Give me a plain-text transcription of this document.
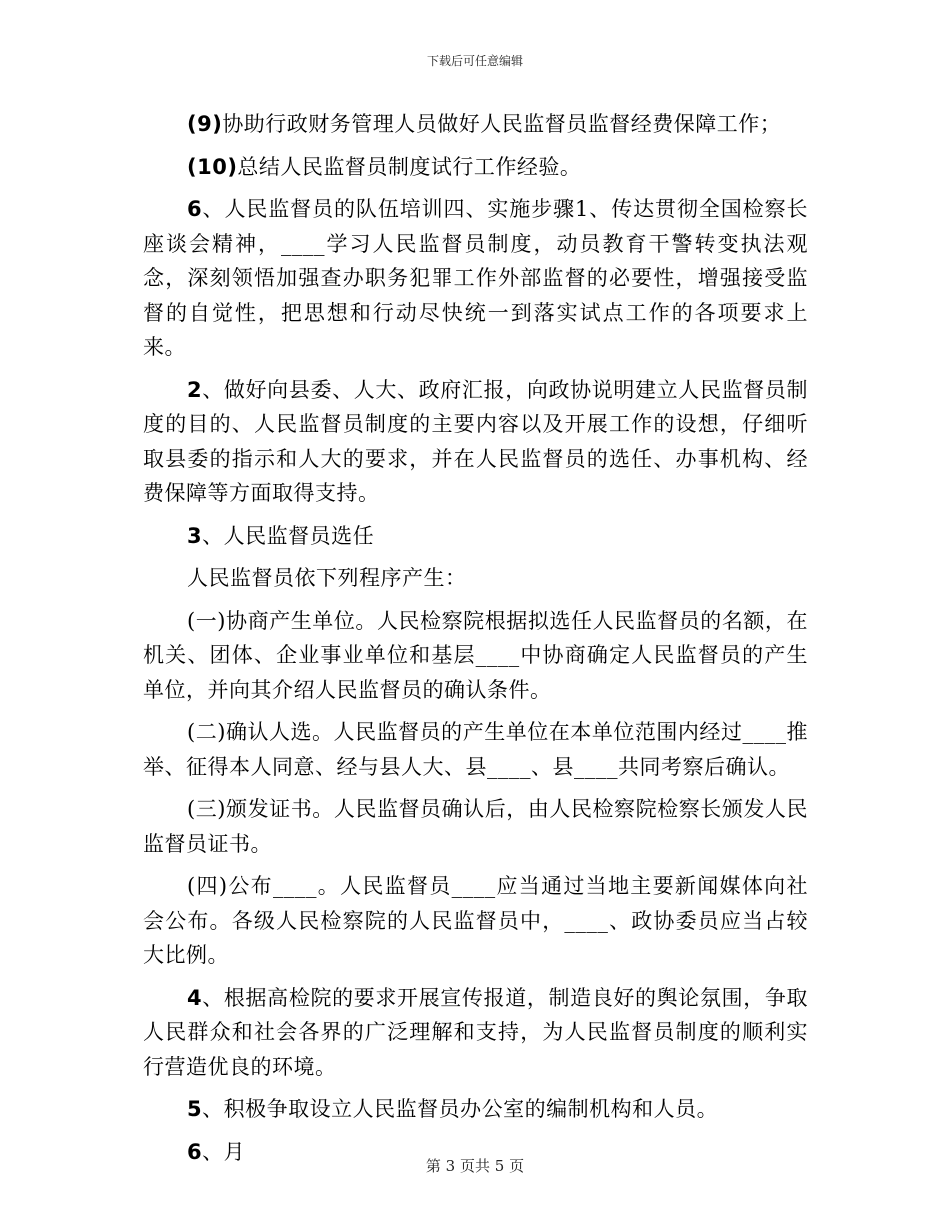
下载后可任意编辑

(9)协助行政财务管理人员做好人民监督员监督经费保障工作；

(10)总结人民监督员制度试行工作经验。

6、人民监督员的队伍培训四、实施步骤1、传达贯彻全国检察长座谈会精神，____学习人民监督员制度，动员教育干警转变执法观念，深刻领悟加强查办职务犯罪工作外部监督的必要性，增强接受监督的自觉性，把思想和行动尽快统一到落实试点工作的各项要求上来。

2、做好向县委、人大、政府汇报，向政协说明建立人民监督员制度的目的、人民监督员制度的主要内容以及开展工作的设想，仔细听取县委的指示和人大的要求，并在人民监督员的选任、办事机构、经费保障等方面取得支持。

3、人民监督员选任

人民监督员依下列程序产生：

(一)协商产生单位。人民检察院根据拟选任人民监督员的名额，在机关、团体、企业事业单位和基层____中协商确定人民监督员的产生单位，并向其介绍人民监督员的确认条件。

(二)确认人选。人民监督员的产生单位在本单位范围内经过____推举、征得本人同意、经与县人大、县____、县____共同考察后确认。

(三)颁发证书。人民监督员确认后，由人民检察院检察长颁发人民监督员证书。

(四)公布____。人民监督员____应当通过当地主要新闻媒体向社会公布。各级人民检察院的人民监督员中，____、政协委员应当占较大比例。

4、根据高检院的要求开展宣传报道，制造良好的舆论氛围，争取人民群众和社会各界的广泛理解和支持，为人民监督员制度的顺利实行营造优良的环境。

5、积极争取设立人民监督员办公室的编制机构和人员。

6、月

第 3 页共 5 页
